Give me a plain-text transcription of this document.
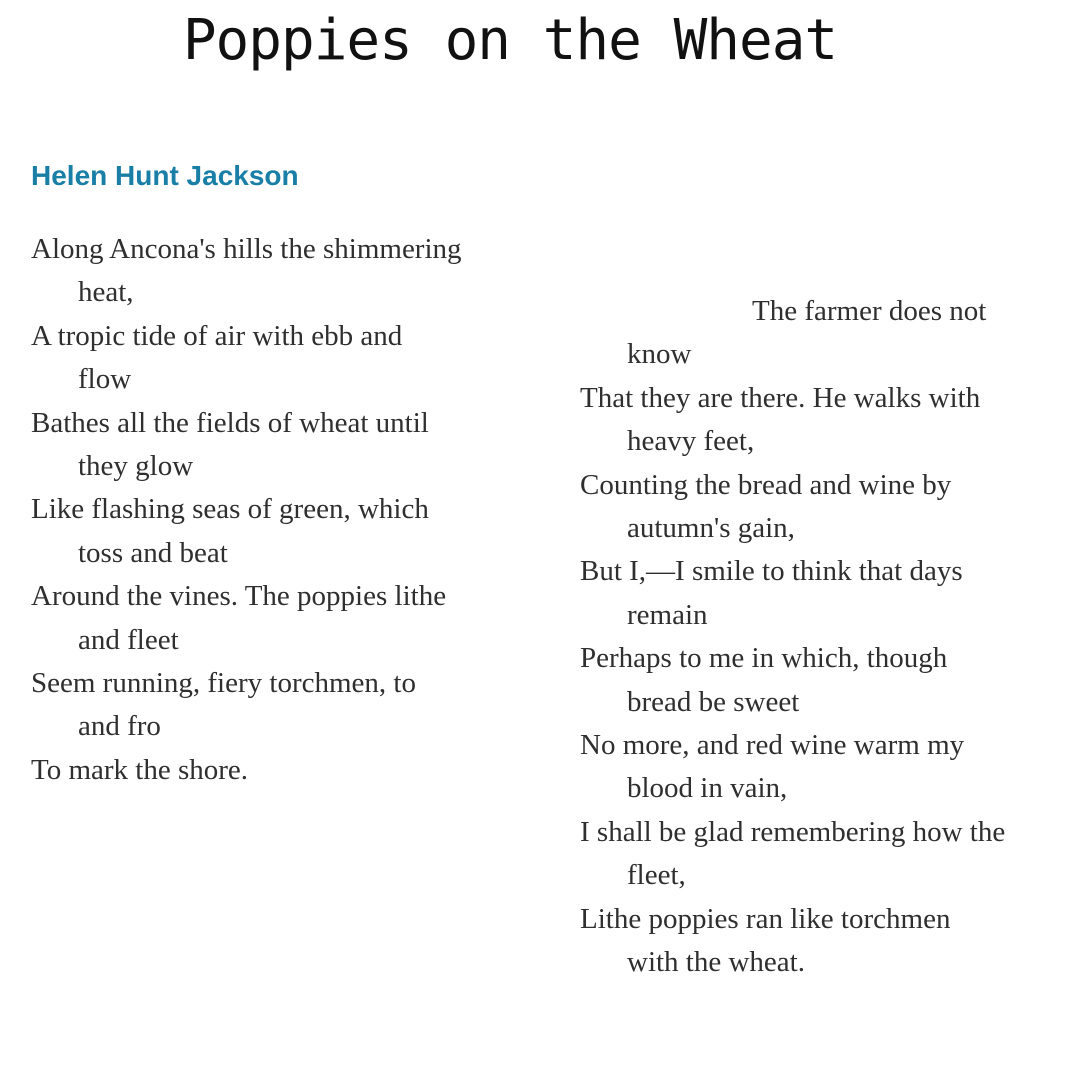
Poppies on the Wheat
Helen Hunt Jackson
Along Ancona's hills the shimmering
heat,
A tropic tide of air with ebb and
flow
Bathes all the fields of wheat until
they glow
Like flashing seas of green, which
toss and beat
Around the vines. The poppies lithe
and fleet
Seem running, fiery torchmen, to
and fro
To mark the shore.
The farmer does not
know
That they are there. He walks with
heavy feet,
Counting the bread and wine by
autumn's gain,
But I,—I smile to think that days
remain
Perhaps to me in which, though
bread be sweet
No more, and red wine warm my
blood in vain,
I shall be glad remembering how the
fleet,
Lithe poppies ran like torchmen
with the wheat.
